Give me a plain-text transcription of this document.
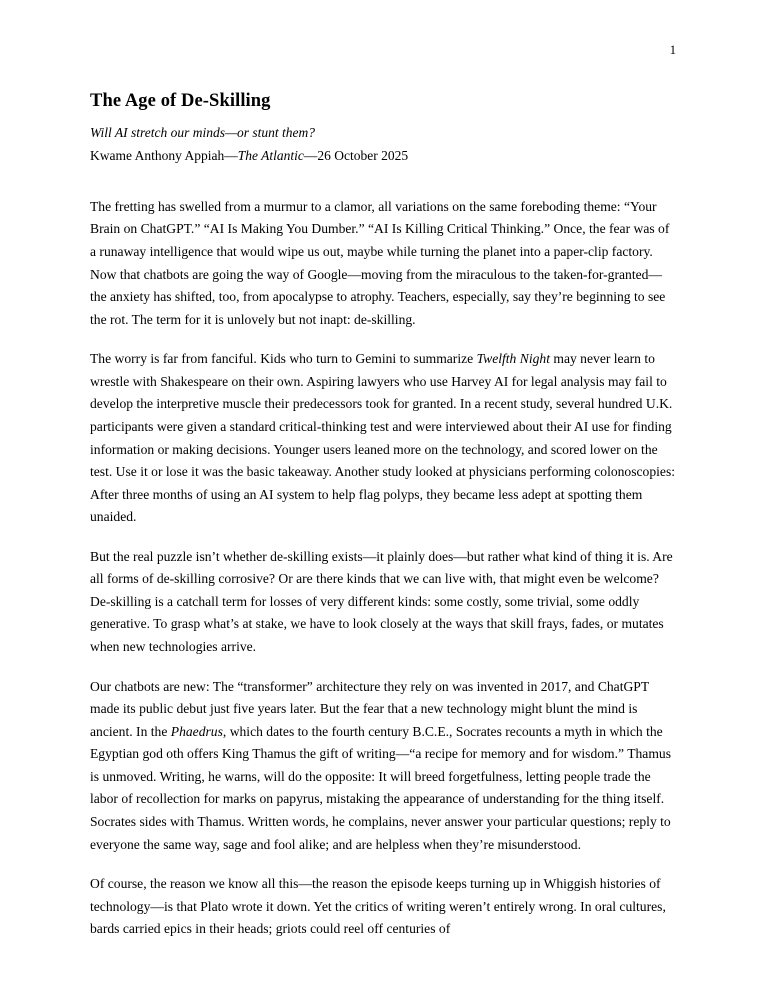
1
The Age of De-Skilling
Will AI stretch our minds—or stunt them?
Kwame Anthony Appiah—The Atlantic—26 October 2025

The fretting has swelled from a murmur to a clamor, all variations on the same foreboding theme: “Your Brain on ChatGPT.” “AI Is Making You Dumber.” “AI Is Killing Critical Thinking.” Once, the fear was of a runaway intelligence that would wipe us out, maybe while turning the planet into a paper-clip factory. Now that chatbots are going the way of Google—moving from the miraculous to the taken-for-granted—the anxiety has shifted, too, from apocalypse to atrophy. Teachers, especially, say they’re beginning to see the rot. The term for it is unlovely but not inapt: de-skilling.

The worry is far from fanciful. Kids who turn to Gemini to summarize Twelfth Night may never learn to wrestle with Shakespeare on their own. Aspiring lawyers who use Harvey AI for legal analysis may fail to develop the interpretive muscle their predecessors took for granted. In a recent study, several hundred U.K. participants were given a standard critical-thinking test and were interviewed about their AI use for finding information or making decisions. Younger users leaned more on the technology, and scored lower on the test. Use it or lose it was the basic takeaway. Another study looked at physicians performing colonoscopies: After three months of using an AI system to help flag polyps, they became less adept at spotting them unaided.

But the real puzzle isn’t whether de-skilling exists—it plainly does—but rather what kind of thing it is. Are all forms of de-skilling corrosive? Or are there kinds that we can live with, that might even be welcome? De-skilling is a catchall term for losses of very different kinds: some costly, some trivial, some oddly generative. To grasp what’s at stake, we have to look closely at the ways that skill frays, fades, or mutates when new technologies arrive.

Our chatbots are new: The “transformer” architecture they rely on was invented in 2017, and ChatGPT made its public debut just five years later. But the fear that a new technology might blunt the mind is ancient. In the Phaedrus, which dates to the fourth century B.C.E., Socrates recounts a myth in which the Egyptian god oth offers King Thamus the gift of writing—“a recipe for memory and for wisdom.” Thamus is unmoved. Writing, he warns, will do the opposite: It will breed forgetfulness, letting people trade the labor of recollection for marks on papyrus, mistaking the appearance of understanding for the thing itself. Socrates sides with Thamus. Written words, he complains, never answer your particular questions; reply to everyone the same way, sage and fool alike; and are helpless when they’re misunderstood.

Of course, the reason we know all this—the reason the episode keeps turning up in Whiggish histories of technology—is that Plato wrote it down. Yet the critics of writing weren’t entirely wrong. In oral cultures, bards carried epics in their heads; griots could reel off centuries of
